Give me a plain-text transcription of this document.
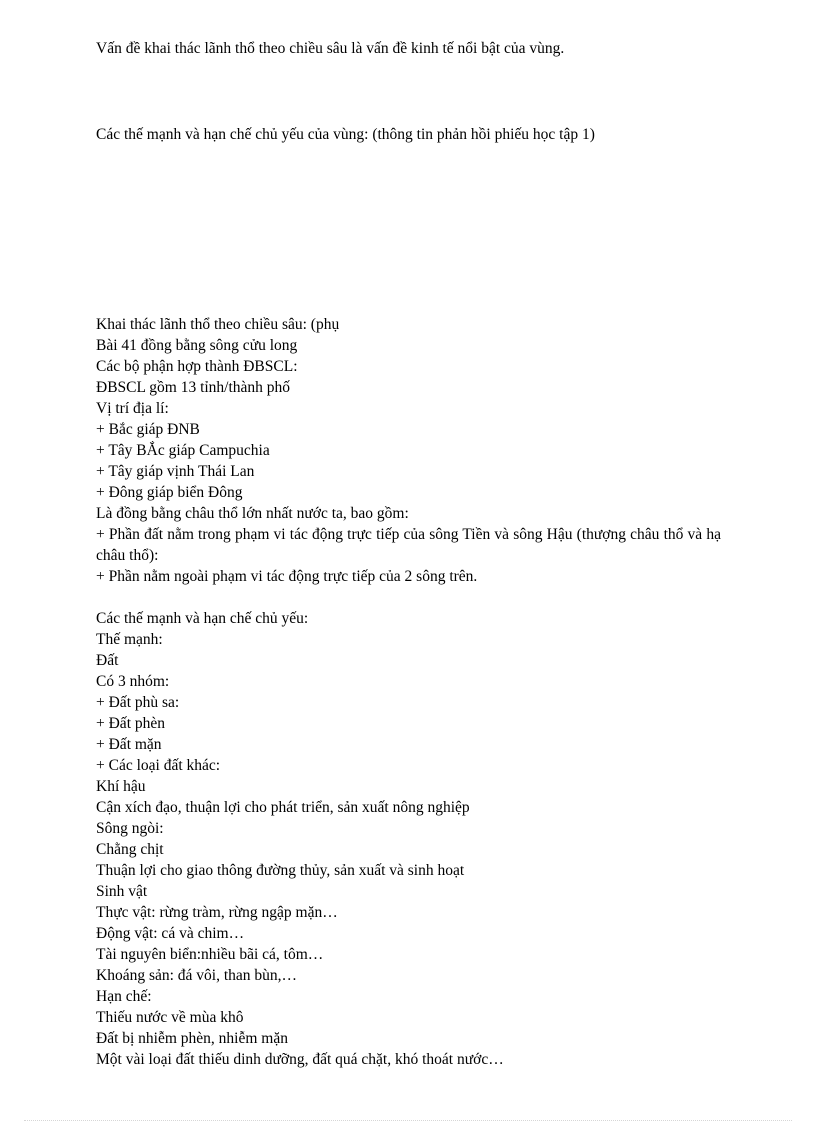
Vấn đề khai thác lãnh thổ theo chiều sâu là vấn đề kinh tế nổi bật của vùng.

Các thế mạnh và hạn chế chủ yếu của vùng: (thông tin phản hồi phiếu học tập 1)

Khai thác lãnh thổ theo chiều sâu: (phụ
Bài 41 đồng bằng sông cửu long
Các bộ phận hợp thành ĐBSCL:
ĐBSCL gồm 13 tỉnh/thành phố
Vị trí địa lí:
+ Bắc giáp ĐNB
+ Tây BẮc giáp Campuchia
+ Tây giáp vịnh Thái Lan
+ Đông giáp biển Đông
Là đồng bằng châu thổ lớn nhất nước ta, bao gồm:
+ Phần đất nằm trong phạm vi tác động trực tiếp của sông Tiền và sông Hậu (thượng châu thổ và hạ châu thổ):
+ Phần nằm ngoài phạm vi tác động trực tiếp của 2 sông trên.
Các thế mạnh và hạn chế chủ yếu:
Thế mạnh:
Đất
Có 3 nhóm:
+ Đất phù sa:
+ Đất phèn
+ Đất mặn
+ Các loại đất khác:
Khí hậu
Cận xích đạo, thuận lợi cho phát triển, sản xuất nông nghiệp
Sông ngòi:
Chằng chịt
Thuận lợi cho giao thông đường thủy, sản xuất và sinh hoạt
Sinh vật
Thực vật: rừng tràm, rừng ngập mặn…
Động vật: cá và chim…
Tài nguyên biển:nhiều bãi cá, tôm…
Khoáng sản: đá vôi, than bùn,…
Hạn chế:
Thiếu nước về mùa khô
Đất bị nhiễm phèn, nhiễm mặn
Một vài loại đất thiếu dinh dưỡng, đất quá chặt, khó thoát nước…
